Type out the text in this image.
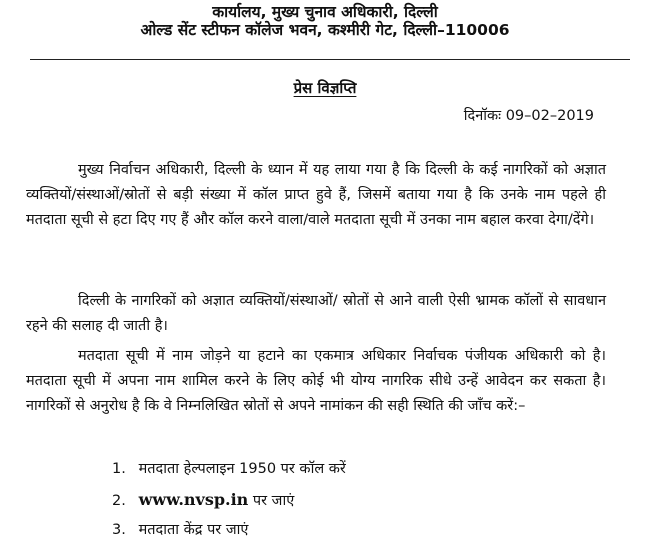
कार्यालय, मुख्य चुनाव अधिकारी, दिल्ली
ओल्ड सेंट स्टीफन कॉलेज भवन, कश्मीरी गेट, दिल्ली–110006
प्रेस विज्ञप्ति
दिनॉकः 09–02–2019
मुख्य निर्वाचन अधिकारी, दिल्ली के ध्यान में यह लाया गया है कि दिल्ली के कई नागरिकों को अज्ञात व्यक्तियों/संस्थाओं/स्रोतों से बड़ी संख्या में कॉल प्राप्त हुवे हैं, जिसमें बताया गया है कि उनके नाम पहले ही मतदाता सूची से हटा दिए गए हैं और कॉल करने वाला/वाले मतदाता सूची में उनका नाम बहाल करवा देगा/देंगे।
दिल्ली के नागरिकों को अज्ञात व्यक्तियों/संस्थाओं/ स्रोतों से आने वाली ऐसी भ्रामक कॉलों से सावधान रहने की सलाह दी जाती है।
मतदाता सूची में नाम जोड़ने या हटाने का एकमात्र अधिकार निर्वाचक पंजीयक अधिकारी को है। मतदाता सूची में अपना नाम शामिल करने के लिए कोई भी योग्य नागरिक सीधे उन्हें आवेदन कर सकता है। नागरिकों से अनुरोध है कि वे निम्नलिखित स्रोतों से अपने नामांकन की सही स्थिति की जाँच करें:–
1. मतदाता हेल्पलाइन 1950 पर कॉल करें
2. www.nvsp.in पर जाएं
3. मतदाता केंद्र पर जाएं
